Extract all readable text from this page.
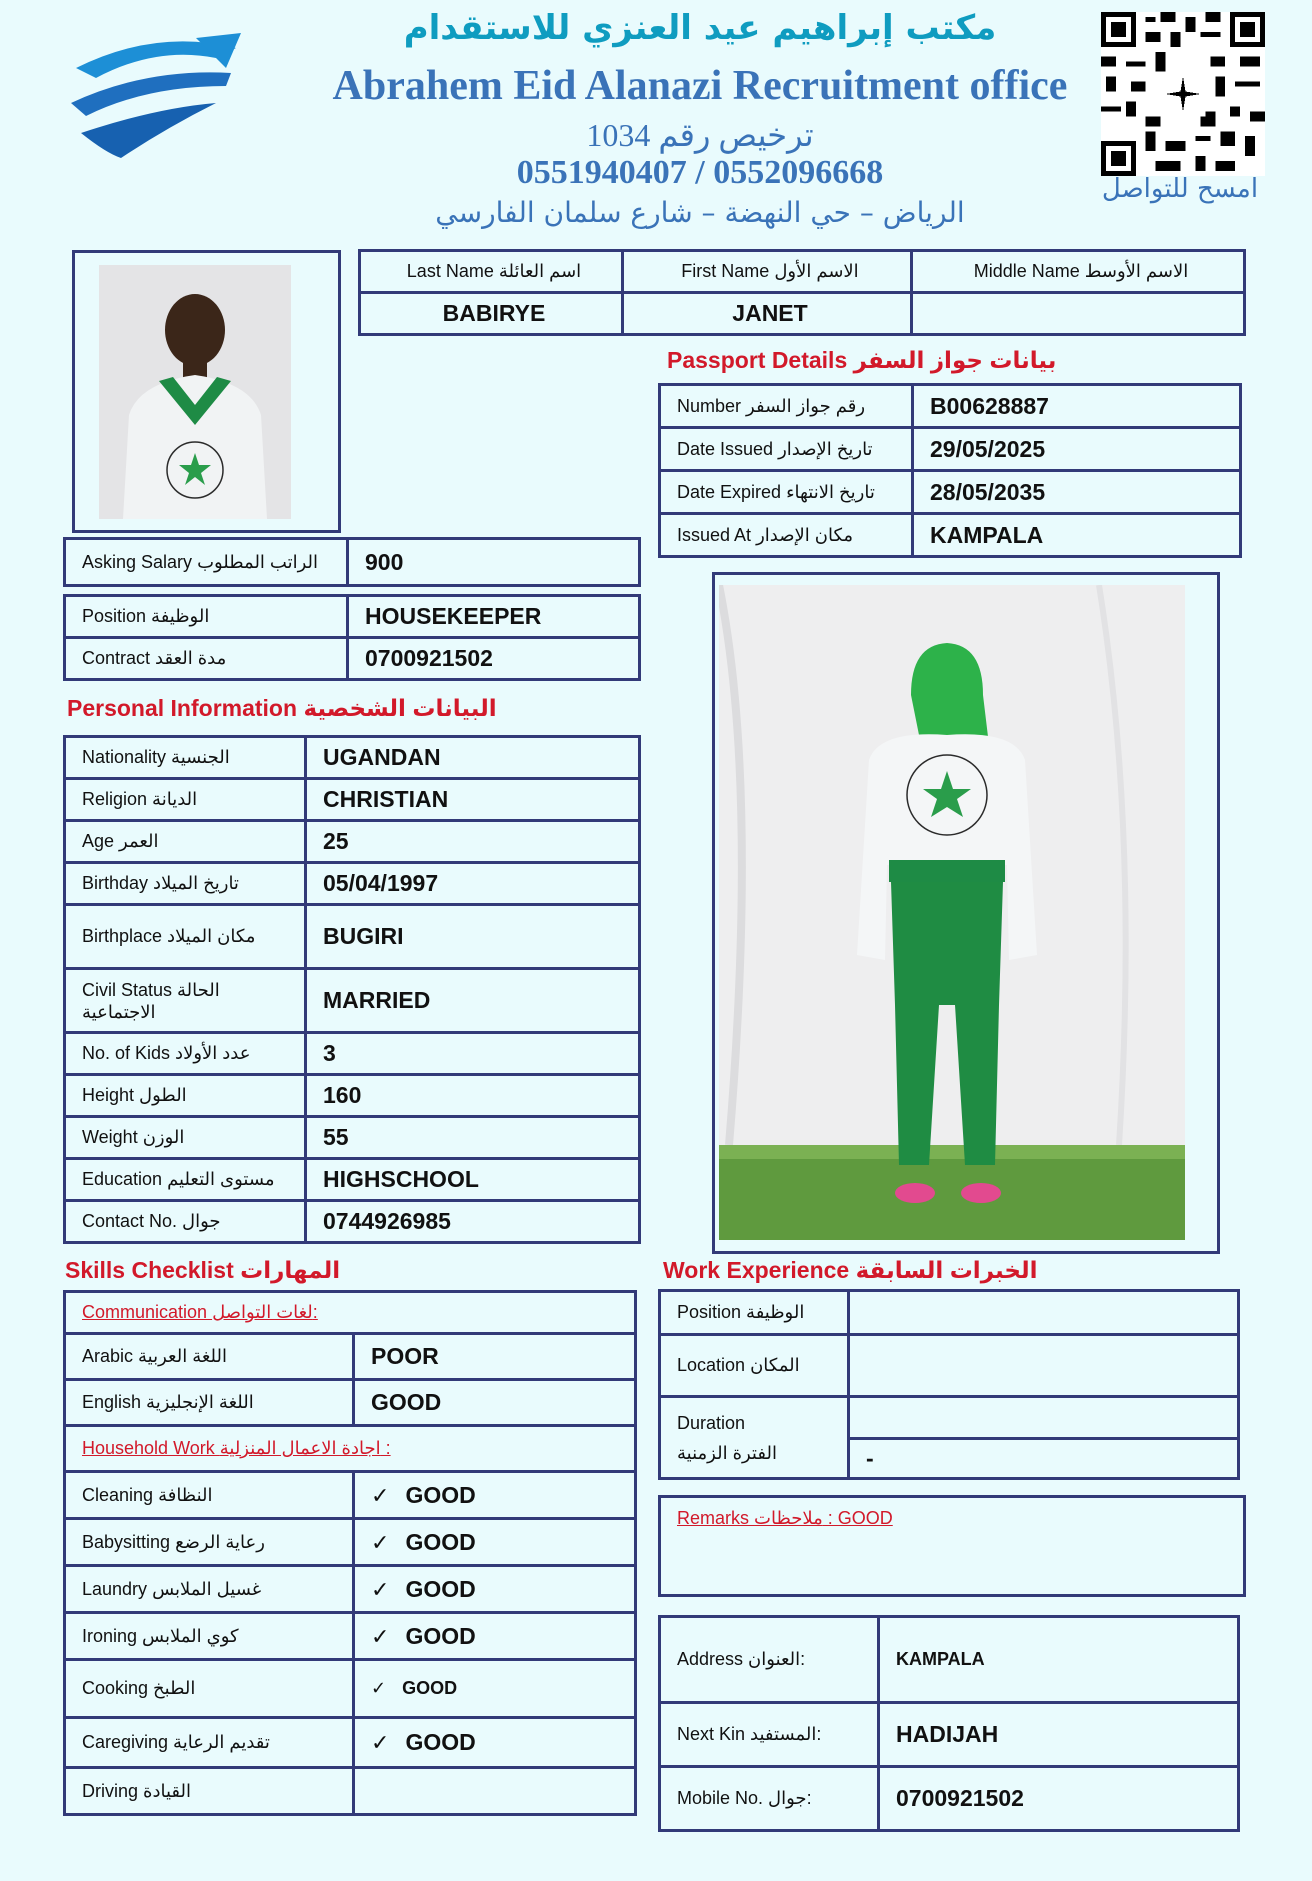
مكتب إبراهيم عيد العنزي للاستقدام
Abrahem Eid Alanazi Recruitment office
ترخيص رقم 1034
0551940407 / 0552096668
الرياض – حي النهضة – شارع سلمان الفارسي
امسح للتواصل
Last Name اسم العائلة	First Name الاسم الأول	Middle Name الاسم الأوسط
BABIRYE	JANET	
Passport Details بيانات جواز السفر
Number رقم جواز السفر	B00628887
Date Issued تاريخ الإصدار	29/05/2025
Date Expired تاريخ الانتهاء	28/05/2035
Issued At مكان الإصدار	KAMPALA
Asking Salary الراتب المطلوب	900
Position الوظيفة	HOUSEKEEPER
Contract مدة العقد	0700921502
Personal Information البيانات الشخصية
Nationality الجنسية	UGANDAN
Religion الديانة	CHRISTIAN
Age العمر	25
Birthday تاريخ الميلاد	05/04/1997
Birthplace مكان الميلاد	BUGIRI
Civil Status الحالة الاجتماعية	MARRIED
No. of Kids عدد الأولاد	3
Height الطول	160
Weight الوزن	55
Education مستوى التعليم	HIGHSCHOOL
Contact No. جوال	0744926985
Skills Checklist المهارات
Communication لغات التواصل:	
Arabic اللغة العربية	POOR
English اللغة الإنجليزية	GOOD
Household Work اجادة الاعمال المنزلية :	
Cleaning النظافة	✓ GOOD
Babysitting رعاية الرضع	✓ GOOD
Laundry غسيل الملابس	✓ GOOD
Ironing كوي الملابس	✓ GOOD
Cooking الطبخ	✓ GOOD
Caregiving تقديم الرعاية	✓ GOOD
Driving القيادة	
Work Experience الخبرات السابقة
Position الوظيفة	
Location المكان	

Duration
الفترة الزمنية	

	-
Remarks ملاحظات : GOOD
Address العنوان:	KAMPALA
Next Kin المستفيد:	HADIJAH
Mobile No. جوال:	0700921502
